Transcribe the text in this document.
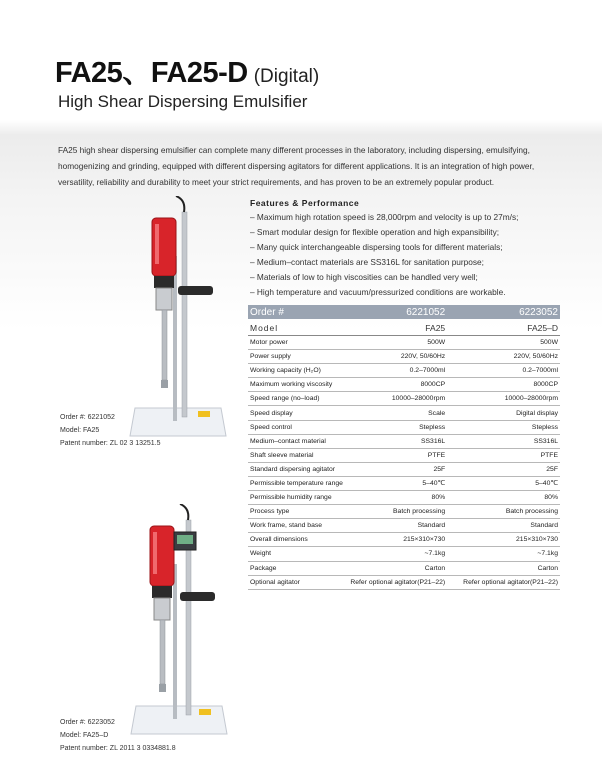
FA25、FA25-D (Digital)
High Shear Dispersing Emulsifier
FA25 high shear dispersing emulsifier can complete many different processes in the laboratory, including dispersing, emulsifying, homogenizing and grinding, equipped with different dispersing agitators for different applications. It is an integration of high power, versatility, reliability and durability to meet your strict requirements, and has proven to be an extremely popular product.
Features & Performance
– Maximum high rotation speed is 28,000rpm and velocity is up to 27m/s;
– Smart modular design for flexible operation and high expansibility;
– Many quick interchangeable dispersing tools for different materials;
– Medium–contact materials are SS316L for sanitation purpose;
– Materials of low to high viscosities can be handled very well;
– High temperature and vacuum/pressurized conditions are workable.
Order #	6221052	6223052
Model	FA25	FA25–D
Motor power	500W	500W
Power supply	220V, 50/60Hz	220V, 50/60Hz
Working capacity (H₂O)	0.2–7000ml	0.2–7000ml
Maximum working viscosity	8000CP	8000CP
Speed range (no–load)	10000–28000rpm	10000–28000rpm
Speed display	Scale	Digital display
Speed control	Stepless	Stepless
Medium–contact material	SS316L	SS316L
Shaft sleeve material	PTFE	PTFE
Standard dispersing agitator	25F	25F
Permissible temperature range	5–40℃	5–40℃
Permissible humidity range	80%	80%
Process type	Batch processing	Batch processing
Work frame, stand base	Standard	Standard
Overall dimensions	215×310×730	215×310×730
Weight	~7.1kg	~7.1kg
Package	Carton	Carton
Optional agitator	Refer optional agitator(P21–22)	Refer optional agitator(P21–22)
Order #: 6221052
Model: FA25
Patent number: ZL 02 3 13251.5
Order #: 6223052
Model: FA25–D
Patent number: ZL 2011 3 0334881.8
